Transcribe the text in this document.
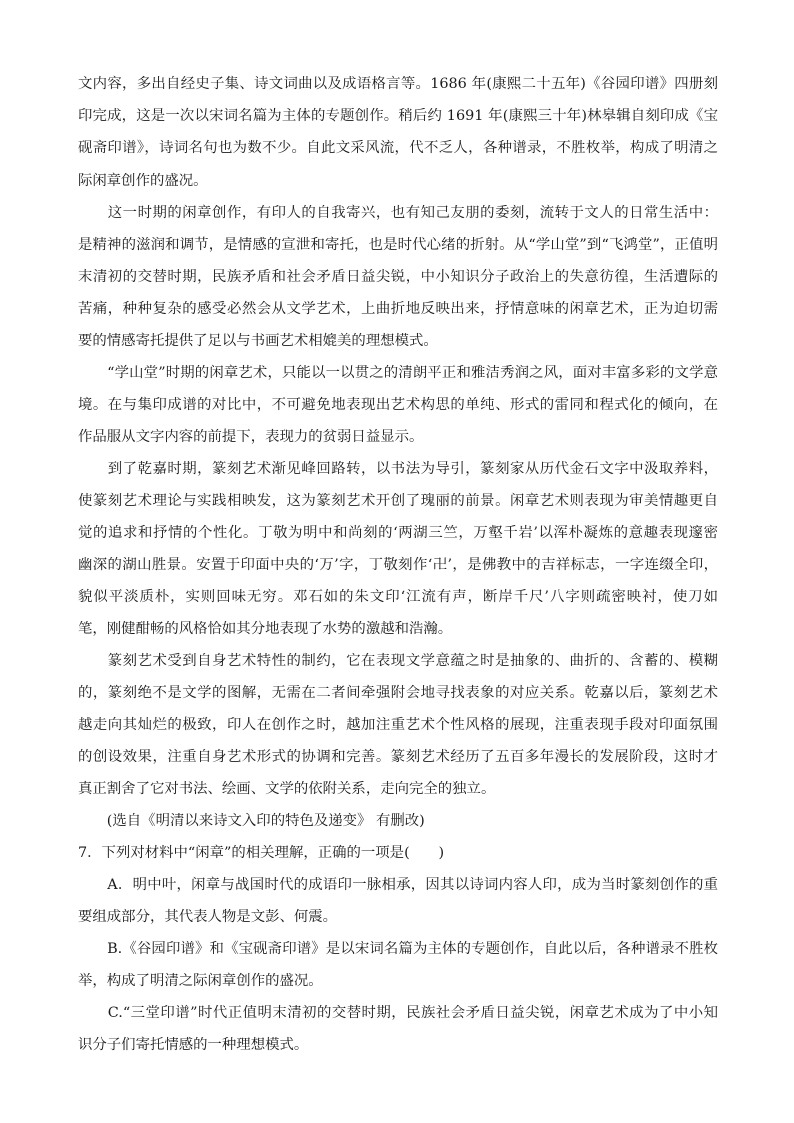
文内容，多出自经史子集、诗文词曲以及成语格言等。1686 年(康熙二十五年)《谷园印谱》四册刻
印完成，这是一次以宋词名篇为主体的专题创作。稍后约 1691 年(康熙三十年)林皋辑自刻印成《宝
砚斋印谱》，诗词名句也为数不少。自此文采风流，代不乏人，各种谱录，不胜枚举，构成了明清之
际闲章创作的盛况。
　　这一时期的闲章创作，有印人的自我寄兴，也有知己友朋的委刻，流转于文人的日常生活中：
是精神的滋润和调节，是情感的宣泄和寄托，也是时代心绪的折射。从“学山堂”到“飞鸿堂”，正值明
末清初的交替时期，民族矛盾和社会矛盾日益尖锐，中小知识分子政治上的失意彷徨，生活遭际的
苦痛，种种复杂的感受必然会从文学艺术，上曲折地反映出来，抒情意味的闲章艺术，正为迫切需
要的情感寄托提供了足以与书画艺术相媲美的理想模式。
　　“学山堂”时期的闲章艺术，只能以一以贯之的清朗平正和雅洁秀润之风，面对丰富多彩的文学意
境。在与集印成谱的对比中，不可避免地表现出艺术构思的单纯、形式的雷同和程式化的倾向，在
作品服从文字内容的前提下，表现力的贫弱日益显示。
　　到了乾嘉时期，篆刻艺术渐见峰回路转，以书法为导引，篆刻家从历代金石文字中汲取养料，
使篆刻艺术理论与实践相映发，这为篆刻艺术开创了瑰丽的前景。闲章艺术则表现为审美情趣更自
觉的追求和抒情的个性化。丁敬为明中和尚刻的‘两湖三竺，万壑千岩’以浑朴凝炼的意趣表现邃密
幽深的湖山胜景。安置于印面中央的‘万’字，丁敬刻作‘卍’，是佛教中的吉祥标志，一字连缀全印，
貌似平淡质朴，实则回味无穷。邓石如的朱文印‘江流有声，断岸千尺’八字则疏密映衬，使刀如
笔，刚健酣畅的风格恰如其分地表现了水势的激越和浩瀚。
　　篆刻艺术受到自身艺术特性的制约，它在表现文学意蕴之时是抽象的、曲折的、含蓄的、模糊
的，篆刻绝不是文学的图解，无需在二者间牵强附会地寻找表象的对应关系。乾嘉以后，篆刻艺术
越走向其灿烂的极致，印人在创作之时，越加注重艺术个性风格的展现，注重表现手段对印面氛围
的创设效果，注重自身艺术形式的协调和完善。篆刻艺术经历了五百多年漫长的发展阶段，这时才
真正割舍了它对书法、绘画、文学的依附关系，走向完全的独立。
　　(选自《明清以来诗文入印的特色及递变》 有删改)
7．下列对材料中“闲章”的相关理解，正确的一项是(　　)
　　A．明中叶，闲章与战国时代的成语印一脉相承，因其以诗词内容人印，成为当时篆刻创作的重
要组成部分，其代表人物是文彭、何震。
　　B.《谷园印谱》和《宝砚斋印谱》是以宋词名篇为主体的专题创作，自此以后，各种谱录不胜枚
举，构成了明清之际闲章创作的盛况。
　　C.“三堂印谱”时代正值明末清初的交替时期，民族社会矛盾日益尖锐，闲章艺术成为了中小知
识分子们寄托情感的一种理想模式。
